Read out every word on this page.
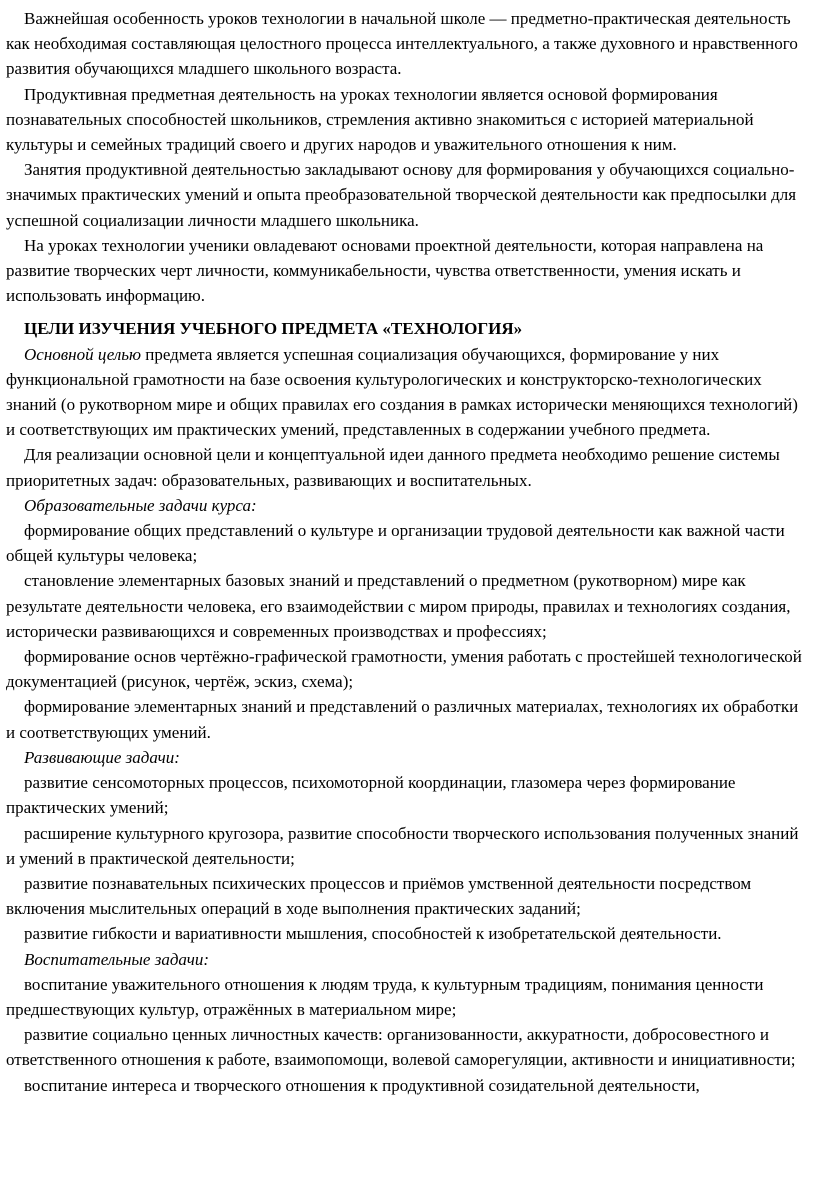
Важнейшая особенность уроков технологии в начальной школе — предметно-практическая деятельность как необходимая составляющая целостного процесса интеллектуального, а также духовного и нравственного развития обучающихся младшего школьного возраста.

Продуктивная предметная деятельность на уроках технологии является основой формирования познавательных способностей школьников, стремления активно знакомиться с историей материальной культуры и семейных традиций своего и других народов и уважительного отношения к ним.

Занятия продуктивной деятельностью закладывают основу для формирования у обучающихся социально-значимых практических умений и опыта преобразовательной творческой деятельности как предпосылки для успешной социализации личности младшего школьника.

На уроках технологии ученики овладевают основами проектной деятельности, которая направлена на развитие творческих черт личности, коммуникабельности, чувства ответственности, умения искать и использовать информацию.

ЦЕЛИ ИЗУЧЕНИЯ УЧЕБНОГО ПРЕДМЕТА «ТЕХНОЛОГИЯ»

Основной целью предмета является успешная социализация обучающихся, формирование у них функциональной грамотности на базе освоения культурологических и конструкторско-технологических знаний (о рукотворном мире и общих правилах его создания в рамках исторически меняющихся технологий) и соответствующих им практических умений, представленных в содержании учебного предмета.

Для реализации основной цели и концептуальной идеи данного предмета необходимо решение системы приоритетных задач: образовательных, развивающих и воспитательных.

Образовательные задачи курса:

формирование общих представлений о культуре и организации трудовой деятельности как важной части общей культуры человека;

становление элементарных базовых знаний и представлений о предметном (рукотворном) мире как результате деятельности человека, его взаимодействии с миром природы, правилах и технологиях создания, исторически развивающихся и современных производствах и профессиях;

формирование основ чертёжно-графической грамотности, умения работать с простейшей технологической документацией (рисунок, чертёж, эскиз, схема);

формирование элементарных знаний и представлений о различных материалах, технологиях их обработки и соответствующих умений.

Развивающие задачи:

развитие сенсомоторных процессов, психомоторной координации, глазомера через формирование практических умений;

расширение культурного кругозора, развитие способности творческого использования полученных знаний и умений в практической деятельности;

развитие познавательных психических процессов и приёмов умственной деятельности посредством включения мыслительных операций в ходе выполнения практических заданий;

развитие гибкости и вариативности мышления, способностей к изобретательской деятельности.

Воспитательные задачи:

воспитание уважительного отношения к людям труда, к культурным традициям, понимания ценности предшествующих культур, отражённых в материальном мире;

развитие социально ценных личностных качеств: организованности, аккуратности, добросовестного и ответственного отношения к работе, взаимопомощи, волевой саморегуляции, активности и инициативности;

воспитание интереса и творческого отношения к продуктивной созидательной деятельности,
